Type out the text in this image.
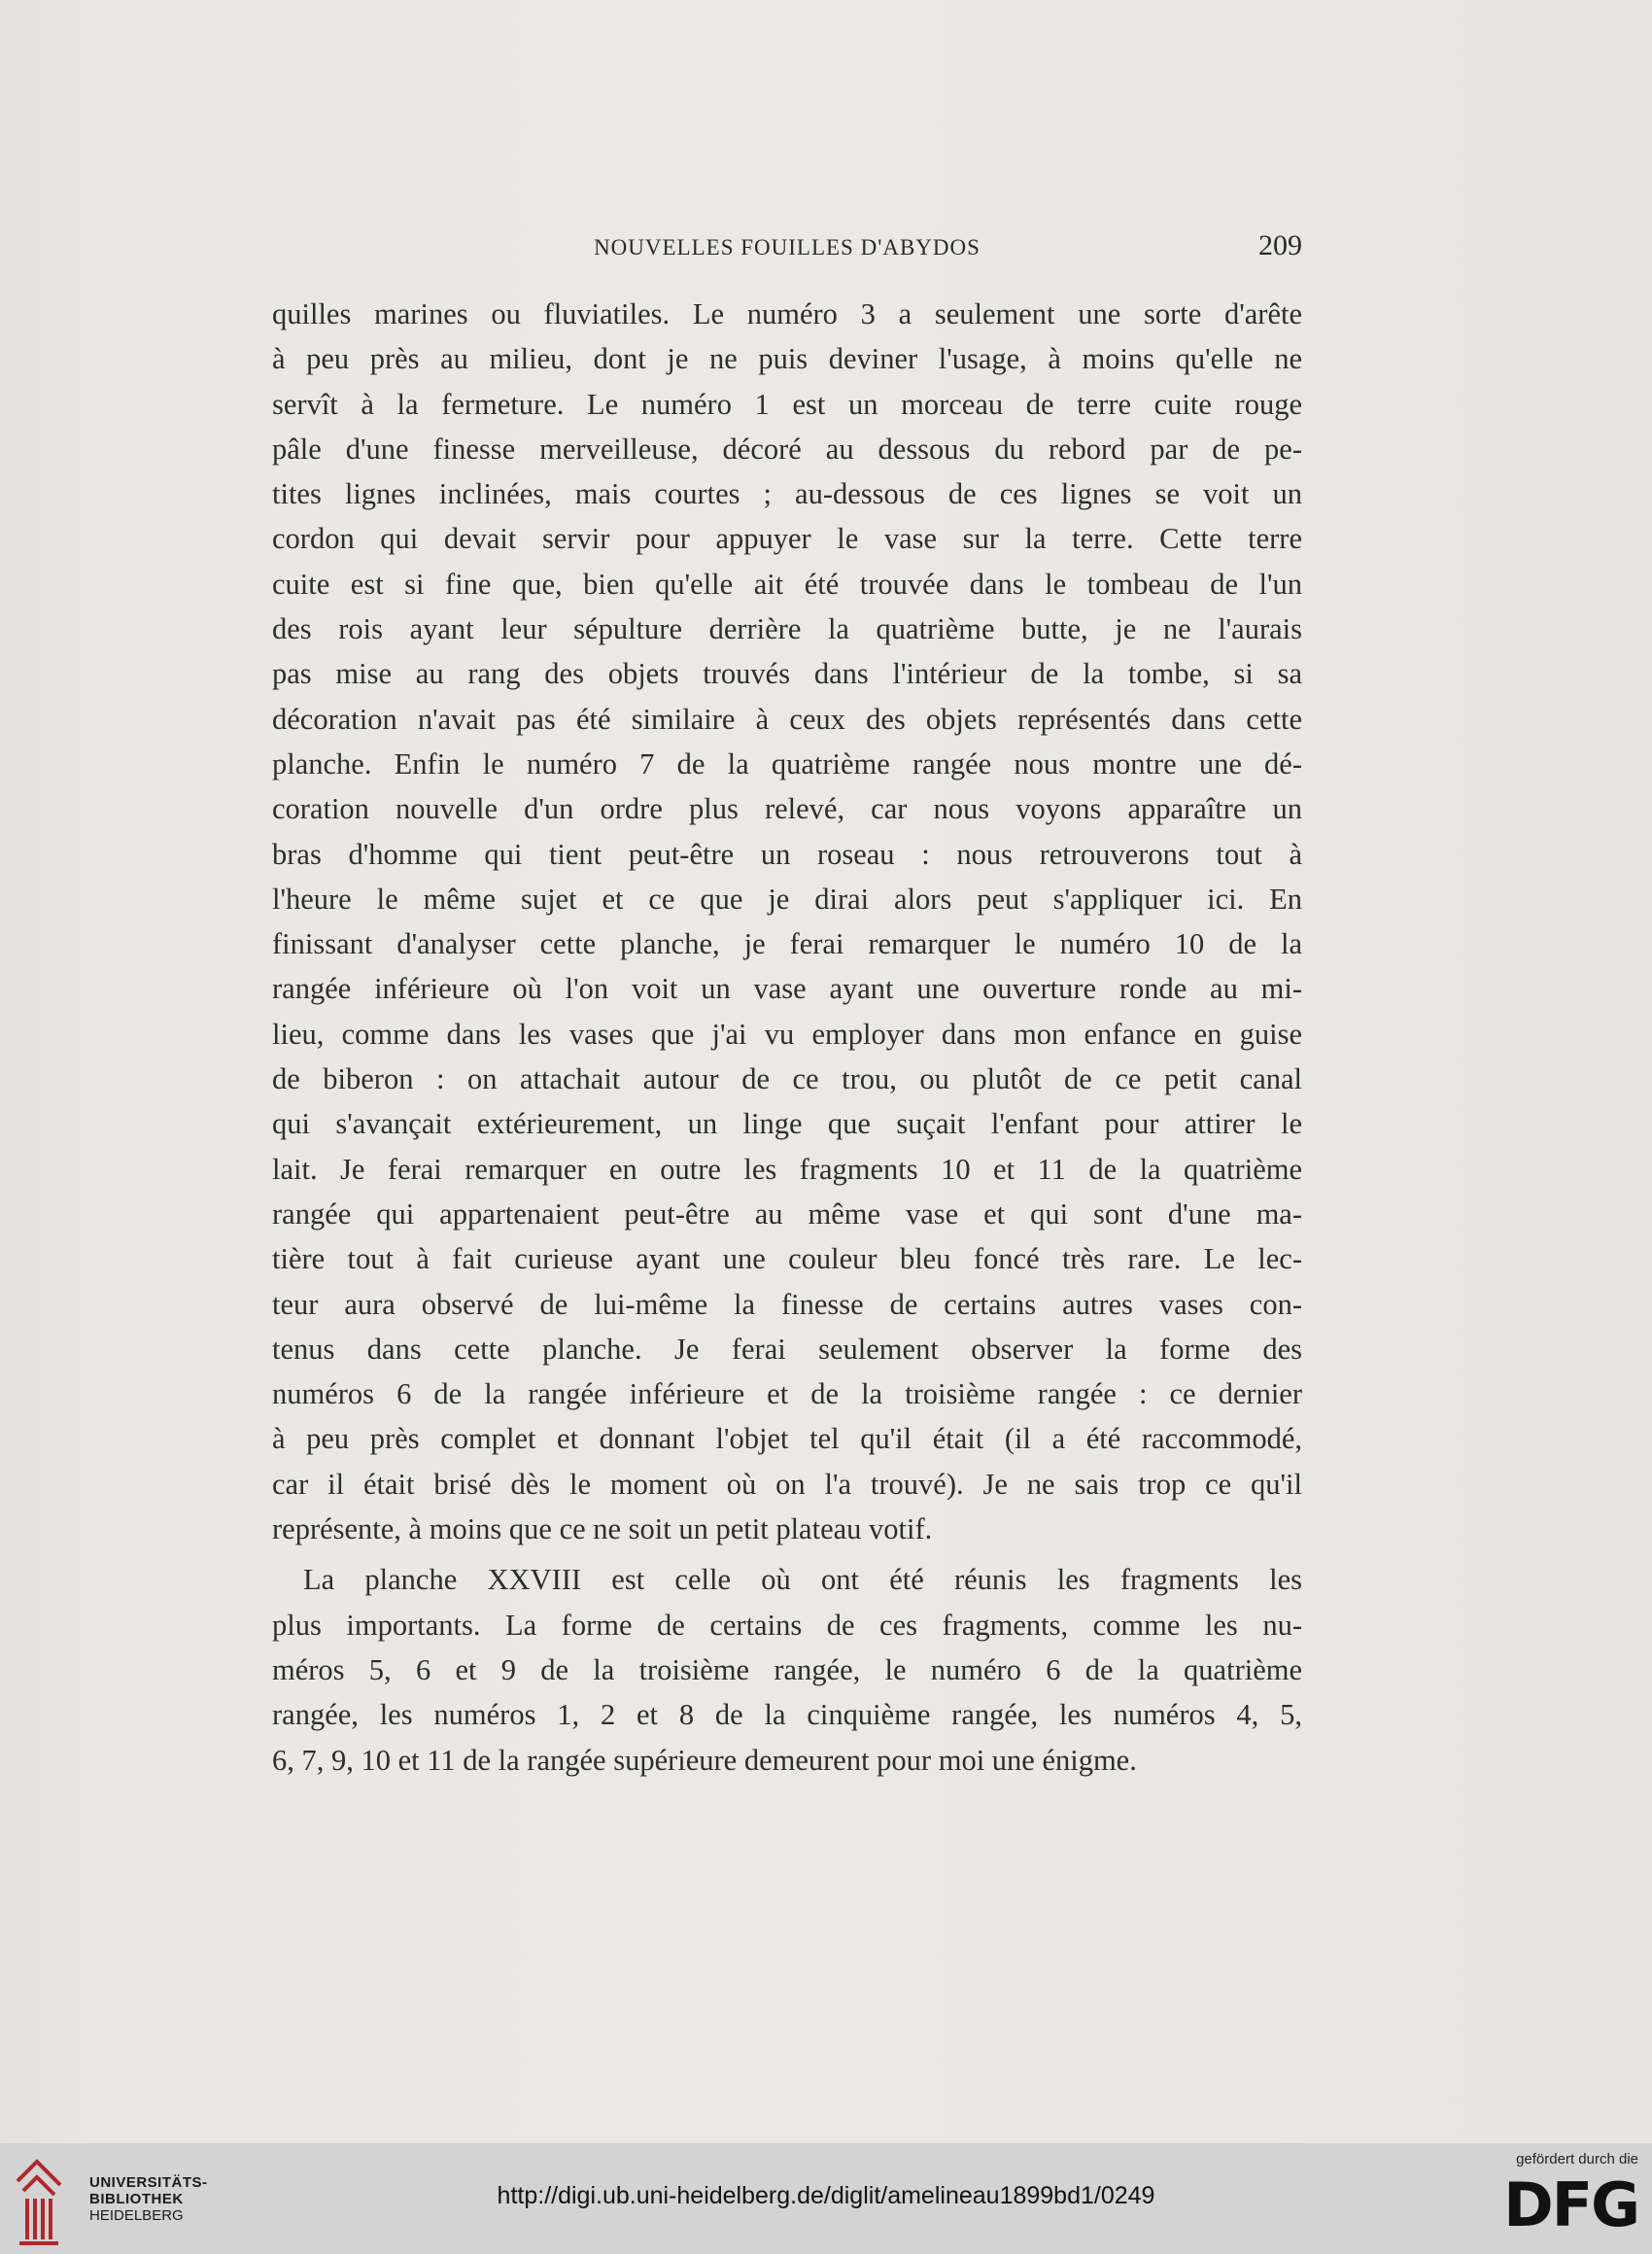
NOUVELLES FOUILLES D'ABYDOS	209
quilles marines ou fluviatiles. Le numéro 3 a seulement une sorte d'arête
à peu près au milieu, dont je ne puis deviner l'usage, à moins qu'elle ne
servît à la fermeture. Le numéro 1 est un morceau de terre cuite rouge
pâle d'une finesse merveilleuse, décoré au dessous du rebord par de pe-
tites lignes inclinées, mais courtes ; au-dessous de ces lignes se voit un
cordon qui devait servir pour appuyer le vase sur la terre. Cette terre
cuite est si fine que, bien qu'elle ait été trouvée dans le tombeau de l'un
des rois ayant leur sépulture derrière la quatrième butte, je ne l'aurais
pas mise au rang des objets trouvés dans l'intérieur de la tombe, si sa
décoration n'avait pas été similaire à ceux des objets représentés dans cette
planche. Enfin le numéro 7 de la quatrième rangée nous montre une dé-
coration nouvelle d'un ordre plus relevé, car nous voyons apparaître un
bras d'homme qui tient peut-être un roseau : nous retrouverons tout à
l'heure le même sujet et ce que je dirai alors peut s'appliquer ici. En
finissant d'analyser cette planche, je ferai remarquer le numéro 10 de la
rangée inférieure où l'on voit un vase ayant une ouverture ronde au mi-
lieu, comme dans les vases que j'ai vu employer dans mon enfance en guise
de biberon : on attachait autour de ce trou, ou plutôt de ce petit canal
qui s'avançait extérieurement, un linge que suçait l'enfant pour attirer le
lait. Je ferai remarquer en outre les fragments 10 et 11 de la quatrième
rangée qui appartenaient peut-être au même vase et qui sont d'une ma-
tière tout à fait curieuse ayant une couleur bleu foncé très rare. Le lec-
teur aura observé de lui-même la finesse de certains autres vases con-
tenus dans cette planche. Je ferai seulement observer la forme des
numéros 6 de la rangée inférieure et de la troisième rangée : ce dernier
à peu près complet et donnant l'objet tel qu'il était (il a été raccommodé,
car il était brisé dès le moment où on l'a trouvé). Je ne sais trop ce qu'il
représente, à moins que ce ne soit un petit plateau votif.
La planche XXVIII est celle où ont été réunis les fragments les
plus importants. La forme de certains de ces fragments, comme les nu-
méros 5, 6 et 9 de la troisième rangée, le numéro 6 de la quatrième
rangée, les numéros 1, 2 et 8 de la cinquième rangée, les numéros 4, 5,
6, 7, 9, 10 et 11 de la rangée supérieure demeurent pour moi une énigme.
UNIVERSITÄTS-
BIBLIOTHEK
HEIDELBERG
http://digi.ub.uni-heidelberg.de/diglit/amelineau1899bd1/0249
gefördert durch die
DFG
